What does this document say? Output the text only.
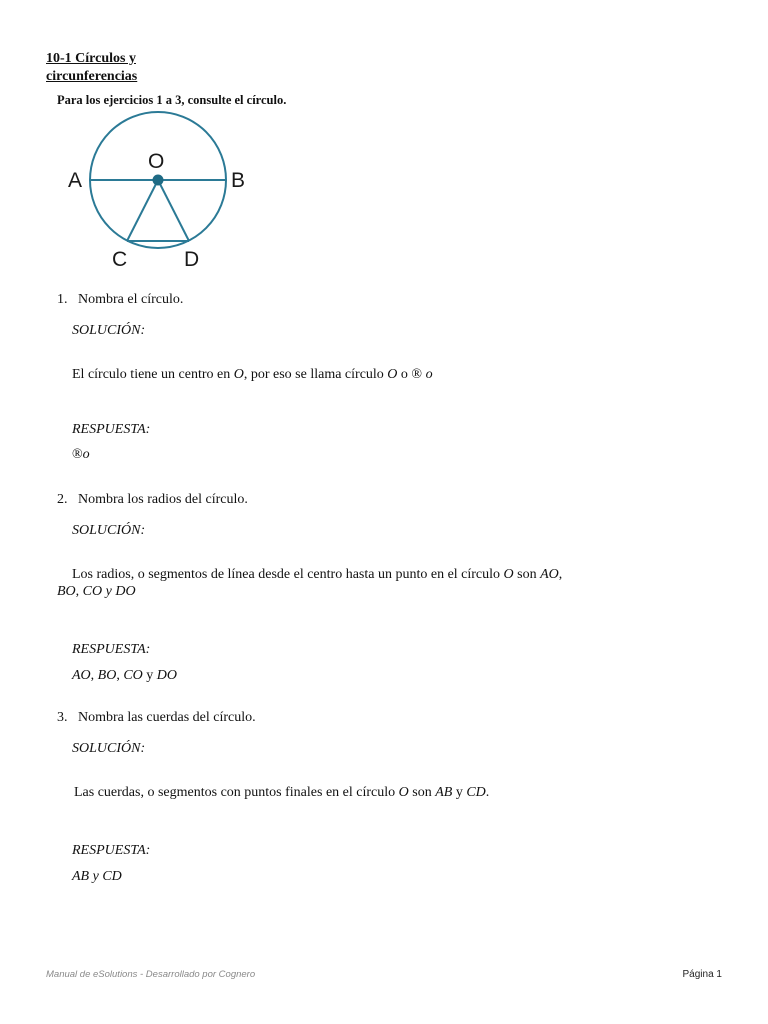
10-1 Círculos y
circunferencias
Para los ejercicios 1 a 3, consulte el círculo.
O
A	B
C	D
1. Nombra el círculo.
SOLUCIÓN:
El círculo tiene un centro en O, por eso se llama círculo O o ® o
RESPUESTA:
®o
2. Nombra los radios del círculo.
SOLUCIÓN:
Los radios, o segmentos de línea desde el centro hasta un punto en el círculo O son AO,
BO, CO y DO
RESPUESTA:
AO, BO, CO y DO
3. Nombra las cuerdas del círculo.
SOLUCIÓN:
Las cuerdas, o segmentos con puntos finales en el círculo O son AB y CD.
RESPUESTA:
AB y CD
Manual de eSolutions - Desarrollado por Cognero	Página 1
